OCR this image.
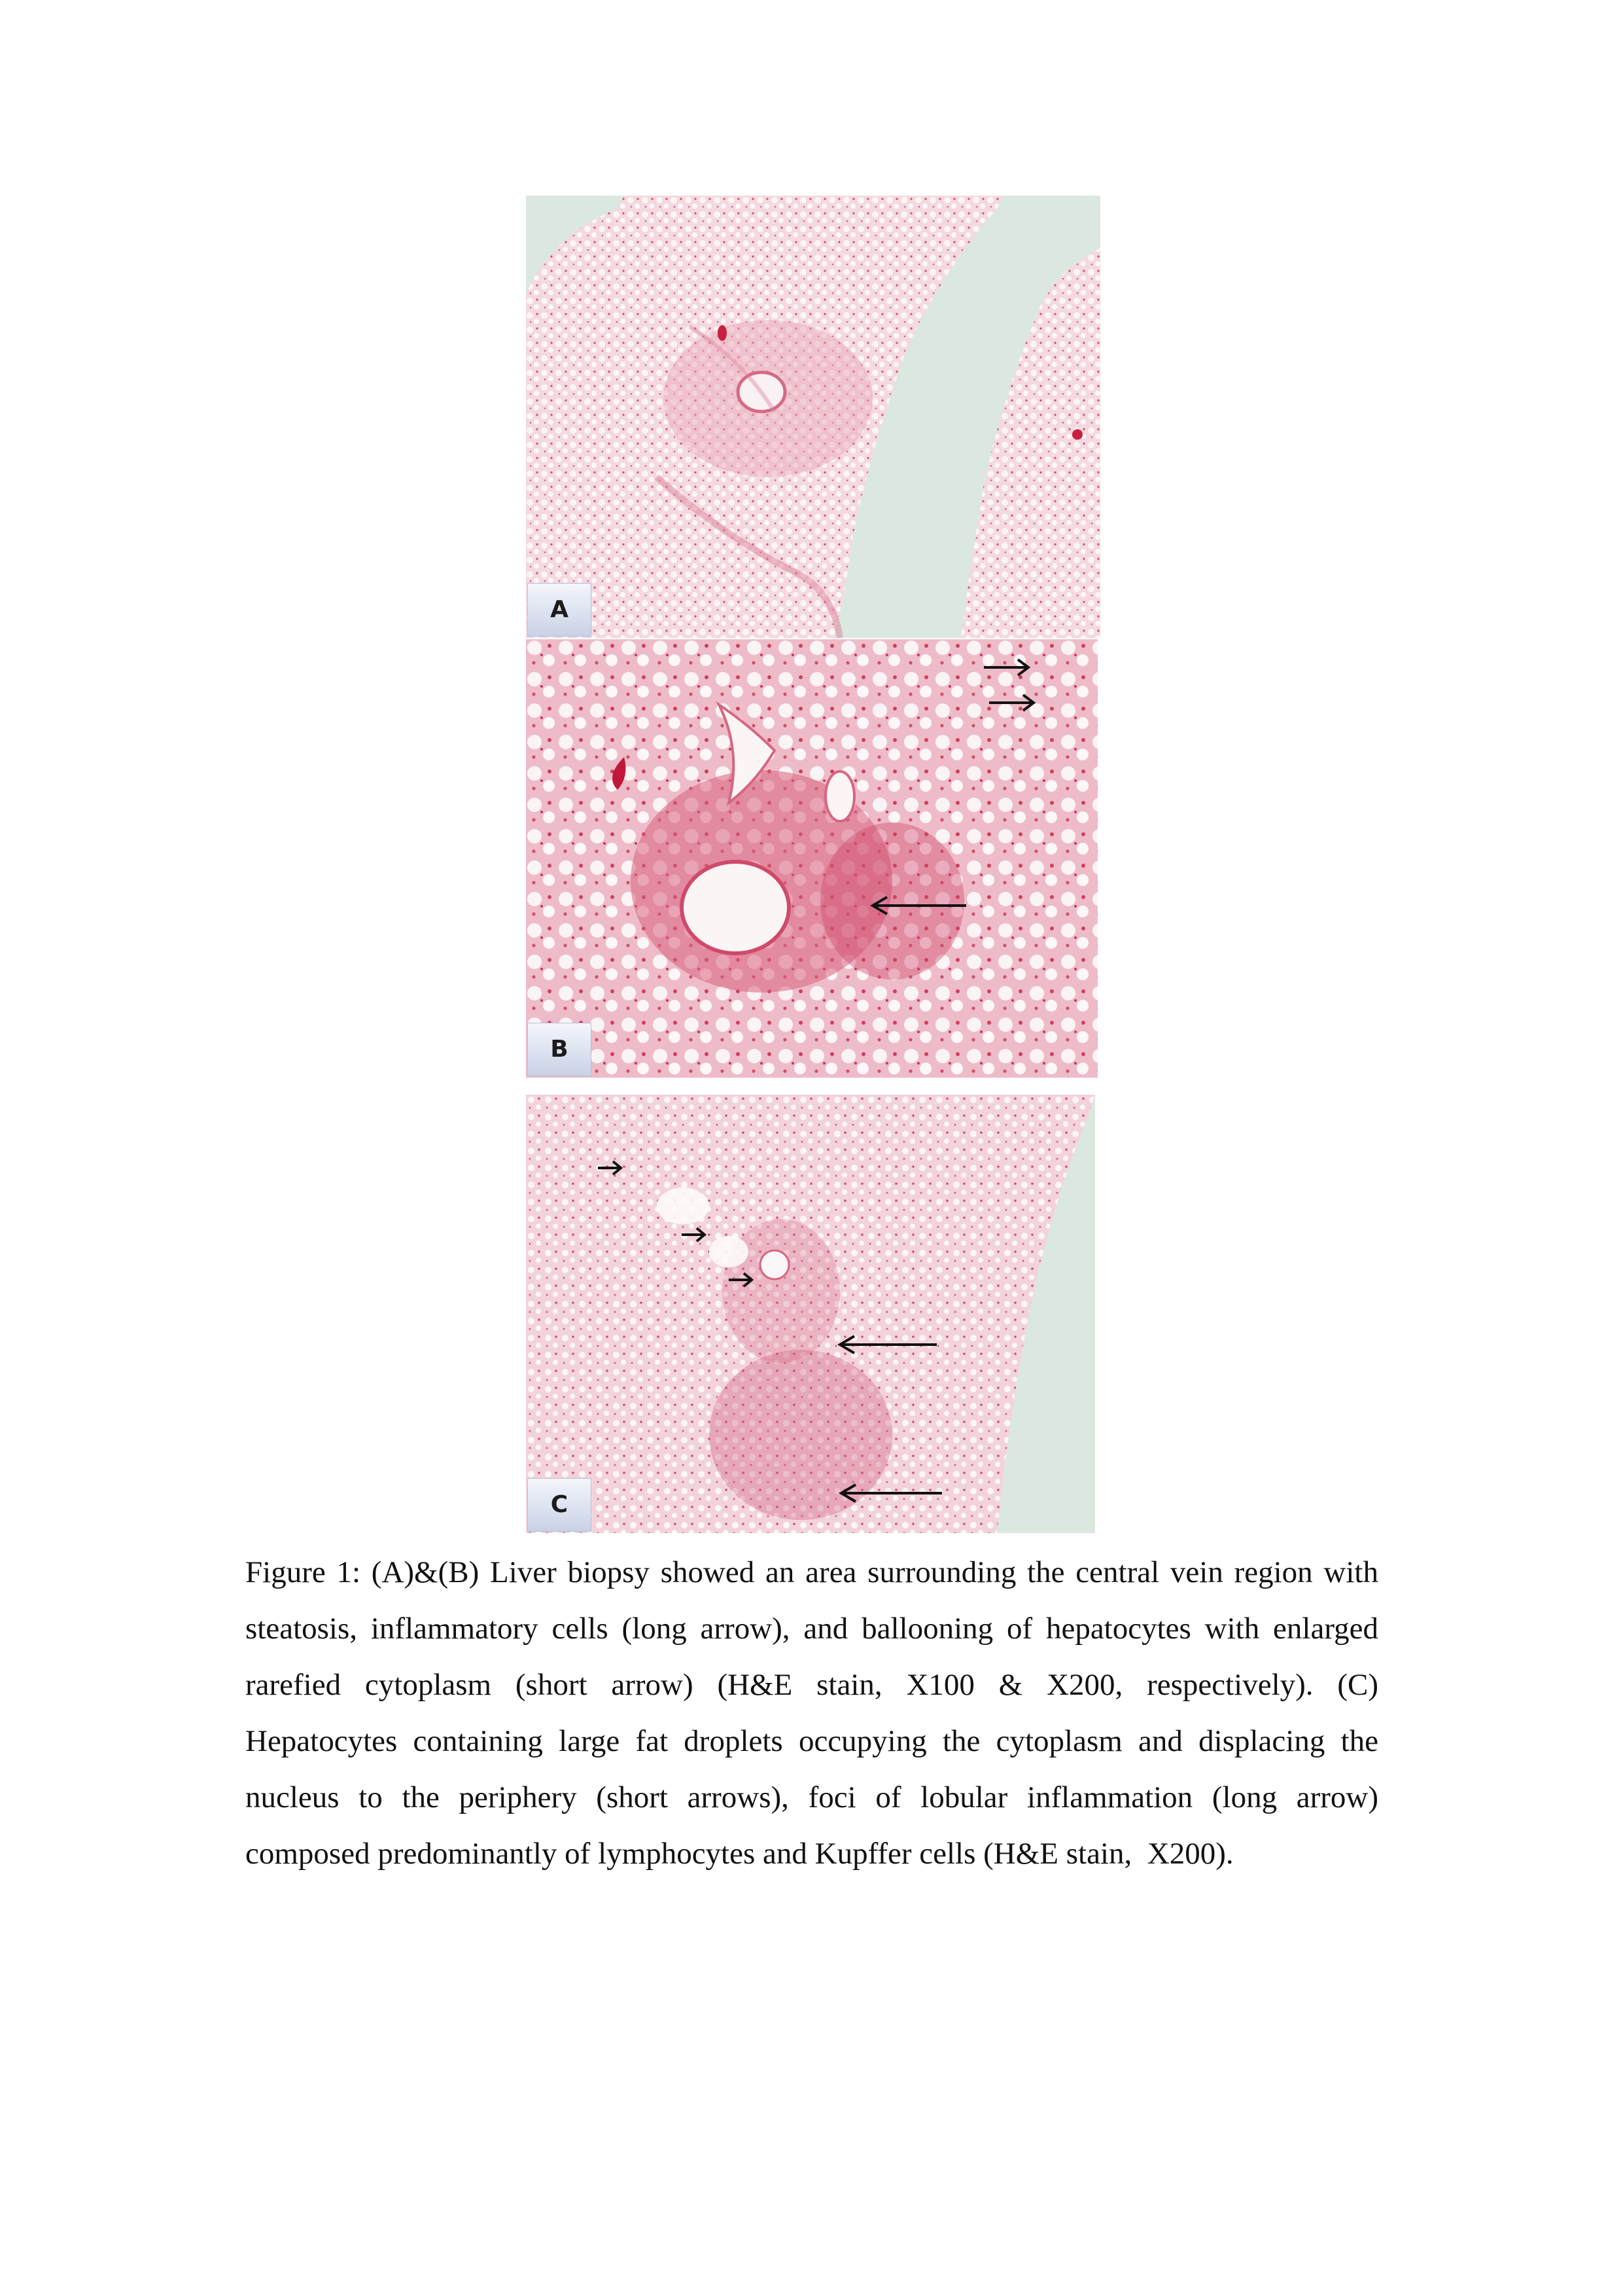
A
B
C

Figure 1: (A)&(B) Liver biopsy showed an area surrounding the central vein region with steatosis, inflammatory cells (long arrow), and ballooning of hepatocytes with enlarged rarefied cytoplasm (short arrow) (H&E stain, X100 & X200, respectively). (C)  Hepatocytes containing large fat droplets occupying the cytoplasm and displacing the nucleus to the periphery (short arrows), foci of lobular inflammation (long arrow) composed predominantly of lymphocytes and Kupffer cells (H&E stain,  X200).
